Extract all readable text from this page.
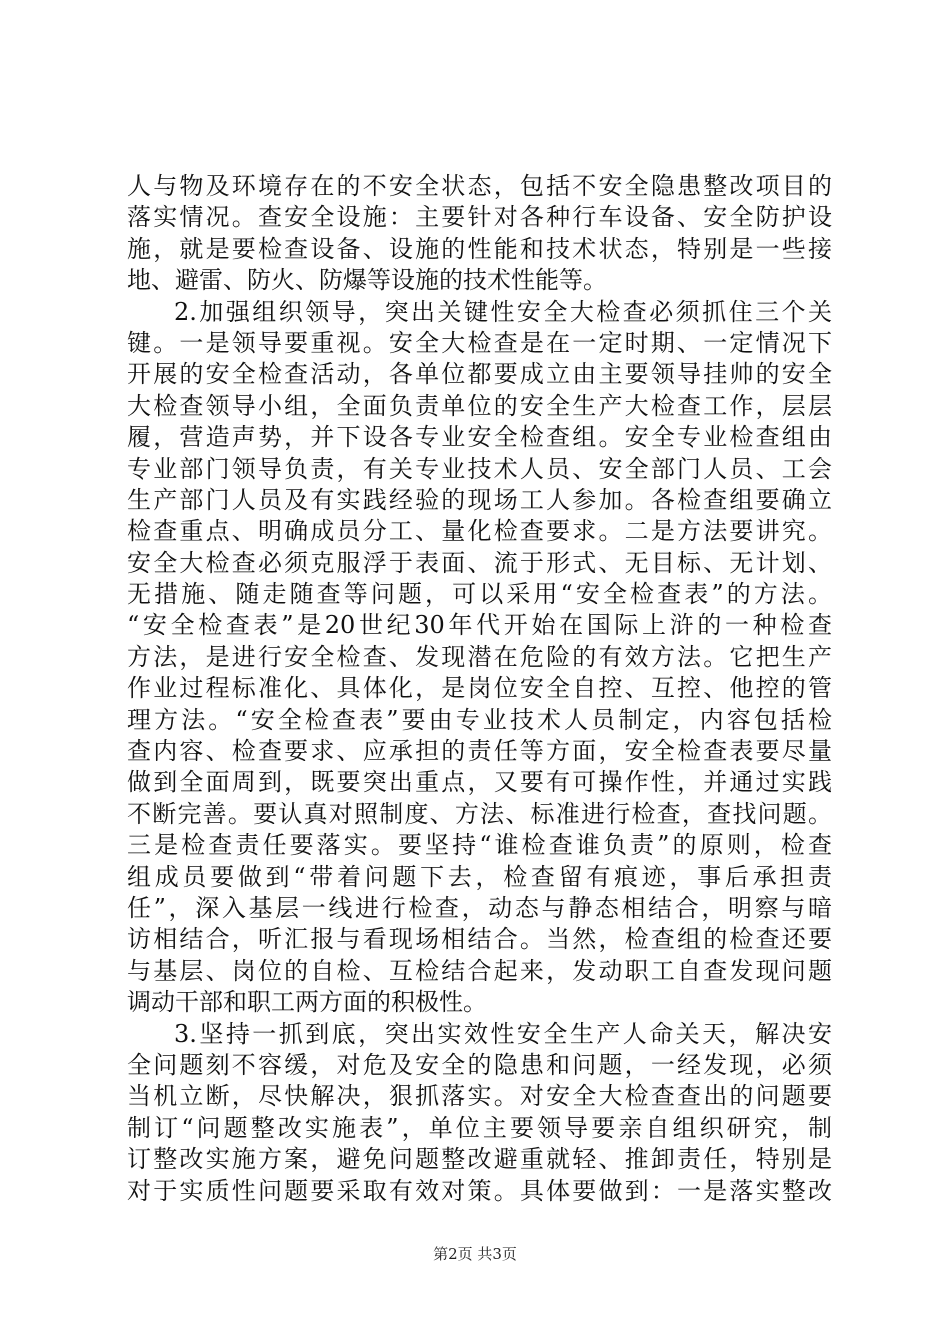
人与物及环境存在的不安全状态，包括不安全隐患整改项目的
落实情况。查安全设施：主要针对各种行车设备、安全防护设
施，就是要检查设备、设施的性能和技术状态，特别是一些接
地、避雷、防火、防爆等设施的技术性能等。
2.加强组织领导，突出关键性安全大检查必须抓住三个关
键。一是领导要重视。安全大检查是在一定时期、一定情况下
开展的安全检查活动，各单位都要成立由主要领导挂帅的安全
大检查领导小组，全面负责单位的安全生产大检查工作，层层
履，营造声势，并下设各专业安全检查组。安全专业检查组由
专业部门领导负责，有关专业技术人员、安全部门人员、工会
生产部门人员及有实践经验的现场工人参加。各检查组要确立
检查重点、明确成员分工、量化检查要求。二是方法要讲究。
安全大检查必须克服浮于表面、流于形式、无目标、无计划、
无措施、随走随查等问题，可以采用“安全检查表”的方法。
“安全检查表”是20世纪30年代开始在国际上浒的一种检查
方法，是进行安全检查、发现潜在危险的有效方法。它把生产
作业过程标准化、具体化，是岗位安全自控、互控、他控的管
理方法。“安全检查表”要由专业技术人员制定，内容包括检
查内容、检查要求、应承担的责任等方面，安全检查表要尽量
做到全面周到，既要突出重点，又要有可操作性，并通过实践
不断完善。要认真对照制度、方法、标准进行检查，查找问题。
三是检查责任要落实。要坚持“谁检查谁负责”的原则，检查
组成员要做到“带着问题下去，检查留有痕迹，事后承担责
任”，深入基层一线进行检查，动态与静态相结合，明察与暗
访相结合，听汇报与看现场相结合。当然，检查组的检查还要
与基层、岗位的自检、互检结合起来，发动职工自查发现问题
调动干部和职工两方面的积极性。
3.坚持一抓到底，突出实效性安全生产人命关天，解决安
全问题刻不容缓，对危及安全的隐患和问题，一经发现，必须
当机立断，尽快解决，狠抓落实。对安全大检查查出的问题要
制订“问题整改实施表”，单位主要领导要亲自组织研究，制
订整改实施方案，避免问题整改避重就轻、推卸责任，特别是
对于实质性问题要采取有效对策。具体要做到：一是落实整改
第2页 共3页
